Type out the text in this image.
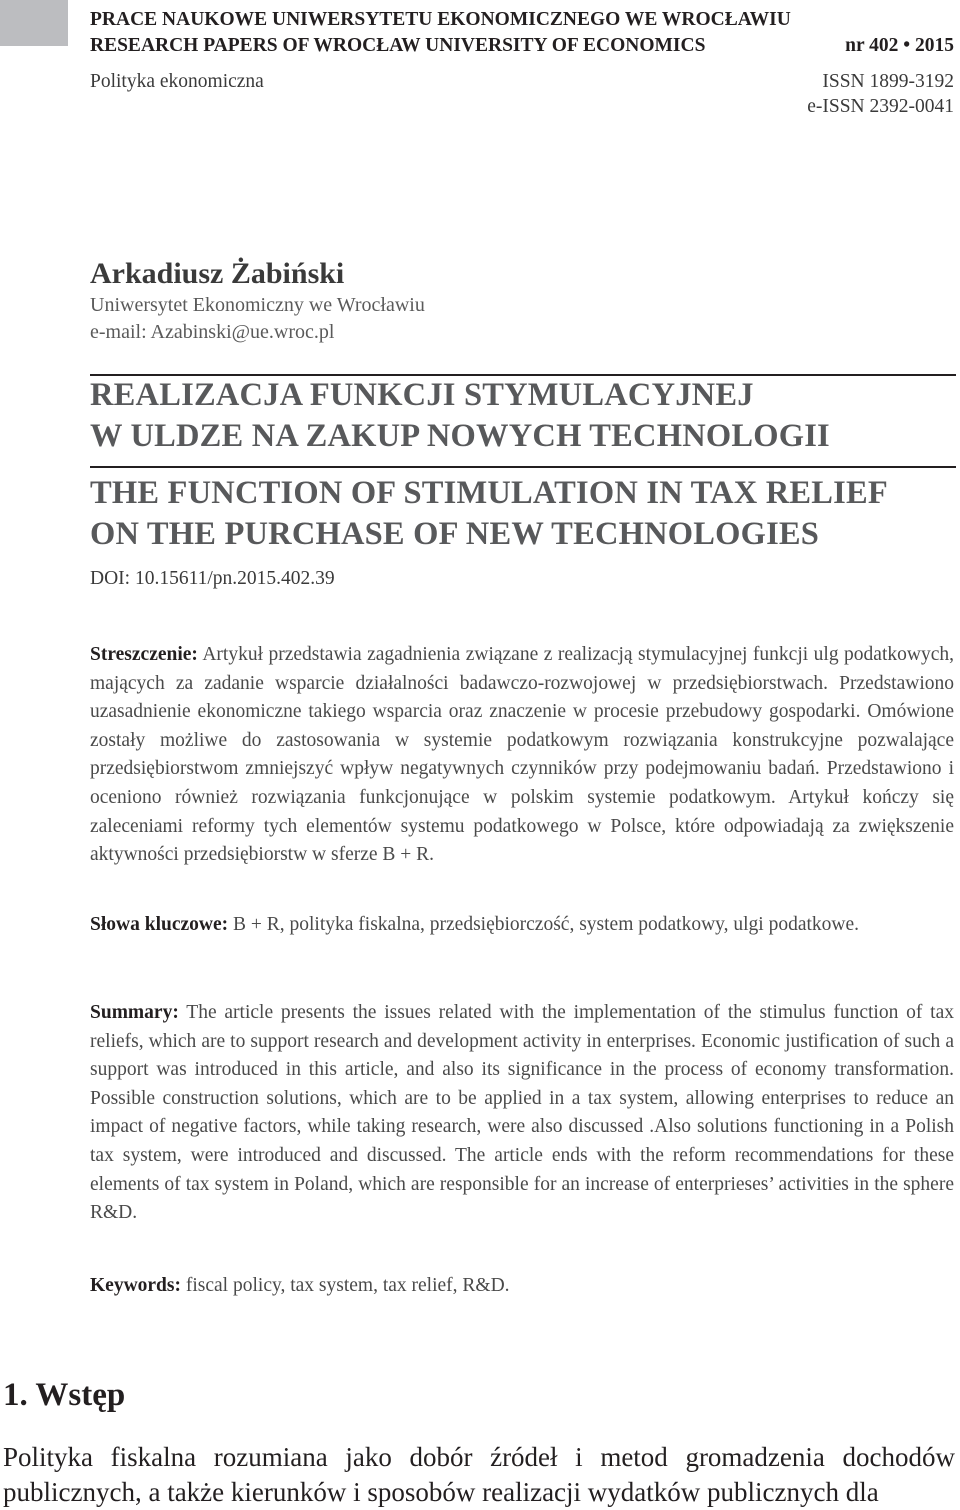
PRACE NAUKOWE UNIWERSYTETU EKONOMICZNEGO WE WROCŁAWIU
RESEARCH PAPERS OF WROCŁAW UNIVERSITY OF ECONOMICS	nr 402 • 2015
Polityka ekonomiczna	ISSN 1899-3192
e-ISSN 2392-0041
Arkadiusz Żabiński
Uniwersytet Ekonomiczny we Wrocławiu
e-mail: Azabinski@ue.wroc.pl
REALIZACJA FUNKCJI STYMULACYJNEJ
W ULDZE NA ZAKUP NOWYCH TECHNOLOGII
THE FUNCTION OF STIMULATION IN TAX RELIEF
ON THE PURCHASE OF NEW TECHNOLOGIES
DOI: 10.15611/pn.2015.402.39
Streszczenie: Artykuł przedstawia zagadnienia związane z realizacją stymulacyjnej funkcji ulg podatkowych, mających za zadanie wsparcie działalności badawczo-rozwojowej w przedsiębiorstwach. Przedstawiono uzasadnienie ekonomiczne takiego wsparcia oraz znaczenie w procesie przebudowy gospodarki. Omówione zostały możliwe do zastosowania w systemie podatkowym rozwiązania konstrukcyjne pozwalające przedsiębiorstwom zmniejszyć wpływ negatywnych czynników przy podejmowaniu badań. Przedstawiono i oceniono również rozwiązania funkcjonujące w polskim systemie podatkowym. Artykuł kończy się zaleceniami reformy tych elementów systemu podatkowego w Polsce, które odpowiadają za zwiększenie aktywności przedsiębiorstw w sferze B + R.
Słowa kluczowe: B + R, polityka fiskalna, przedsiębiorczość, system podatkowy, ulgi podatkowe.
Summary: The article presents the issues related with the implementation of the stimulus function of tax reliefs, which are to support research and development activity in enterprises. Economic justification of such a support was introduced in this article, and also its significance in the process of economy transformation. Possible construction solutions, which are to be applied in a tax system, allowing enterprises to reduce an impact of negative factors, while taking research, were also discussed .Also solutions functioning in a Polish tax system, were introduced and discussed. The article ends with the reform recommendations for these elements of tax system in Poland, which are responsible for an increase of enterpriеses’ activities in the sphere R&D.
Keywords: fiscal policy, tax system, tax relief, R&D.
1. Wstęp
Polityka fiskalna rozumiana jako dobór źródeł i metod gromadzenia dochodów publicznych, a także kierunków i sposobów realizacji wydatków publicznych dla
